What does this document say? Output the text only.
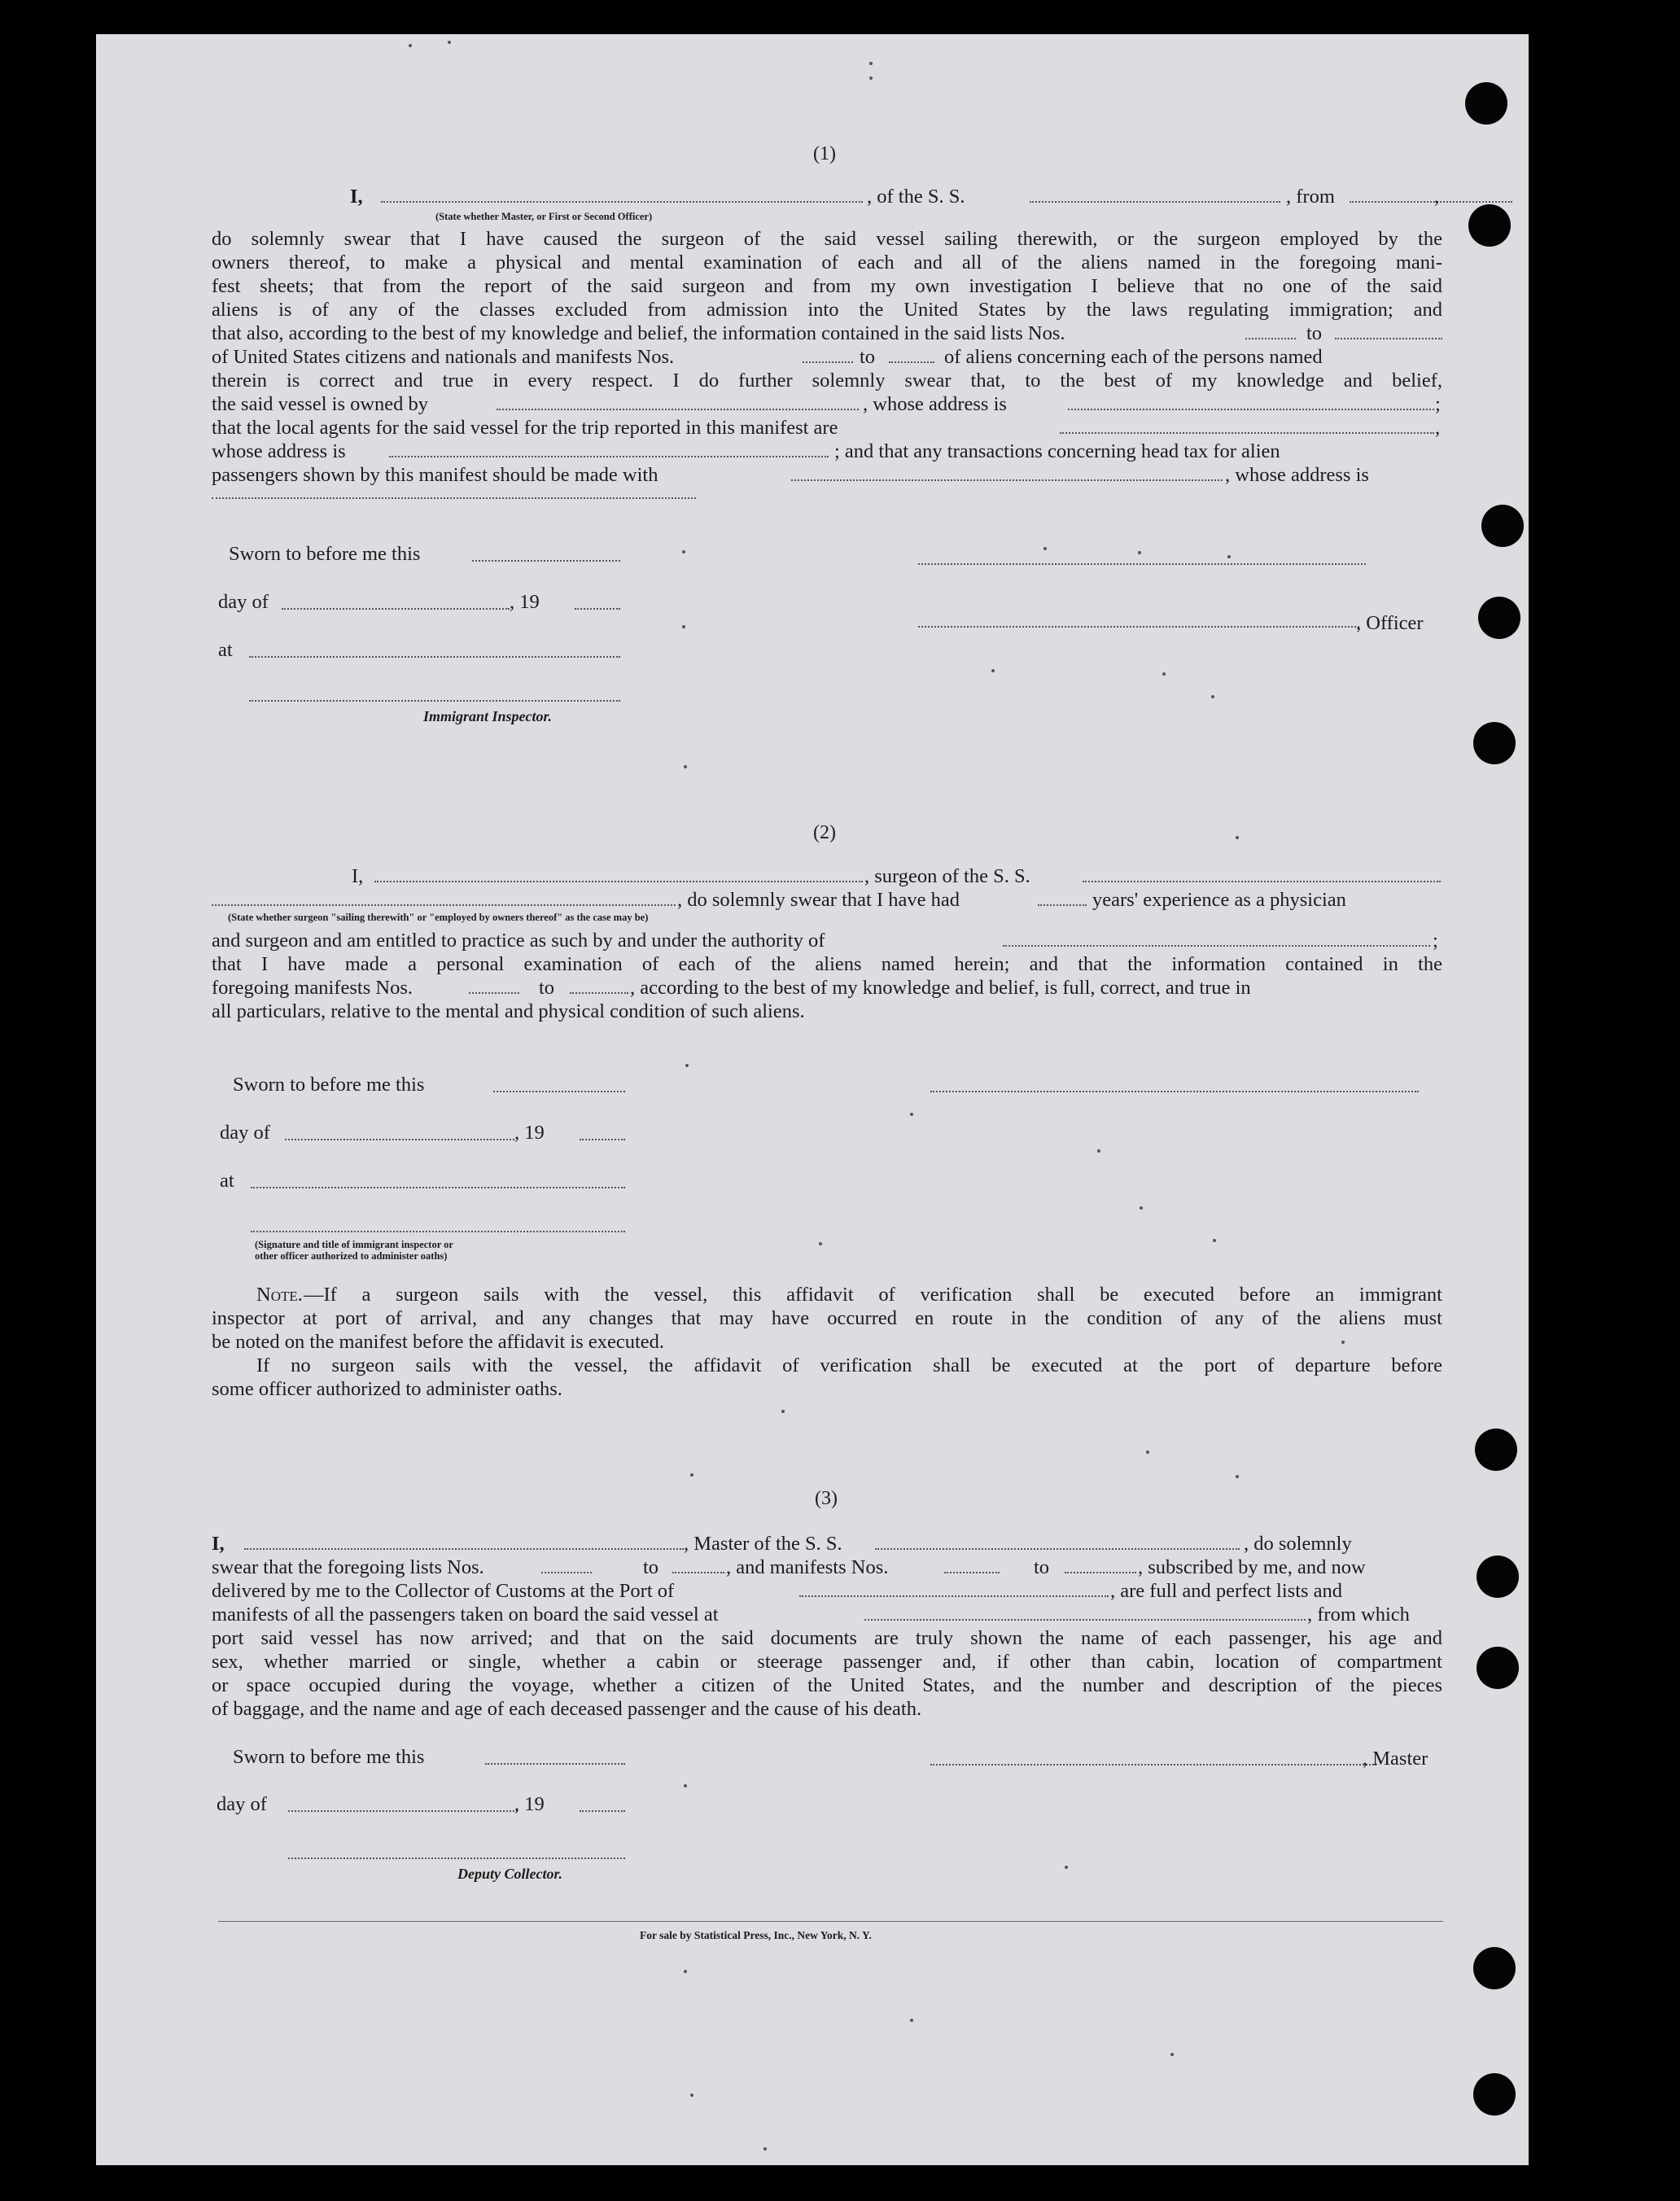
(1)
I,	, of the S. S.	, from	,
(State whether Master, or First or Second Officer)
do solemnly swear that I have caused the surgeon of the said vessel sailing therewith, or the surgeon employed by the
owners thereof, to make a physical and mental examination of each and all of the aliens named in the foregoing mani-
fest sheets; that from the report of the said surgeon and from my own investigation I believe that no one of the said
aliens is of any of the classes excluded from admission into the United States by the laws regulating immigration; and
that also, according to the best of my knowledge and belief, the information contained in the said lists Nos.	to
of United States citizens and nationals and manifests Nos.	to	of aliens concerning each of the persons named
therein is correct and true in every respect. I do further solemnly swear that, to the best of my knowledge and belief,
the said vessel is owned by	, whose address is	;
that the local agents for the said vessel for the trip reported in this manifest are	,
whose address is	; and that any transactions concerning head tax for alien
passengers shown by this manifest should be made with	, whose address is
Sworn to before me this
day of	, 19
at
Immigrant Inspector.
, Officer
(2)
I,	, surgeon of the S. S.
, do solemnly swear that I have had	years' experience as a physician
(State whether surgeon "sailing therewith" or "employed by owners thereof" as the case may be)
and surgeon and am entitled to practice as such by and under the authority of	;
that I have made a personal examination of each of the aliens named herein; and that the information contained in the
foregoing manifests Nos.	to	, according to the best of my knowledge and belief, is full, correct, and true in
all particulars, relative to the mental and physical condition of such aliens.
Sworn to before me this
day of	, 19
at
(Signature and title of immigrant inspector or
other officer authorized to administer oaths)
Note. —If a surgeon sails with the vessel, this affidavit of verification shall be executed before an immigrant
inspector at port of arrival, and any changes that may have occurred en route in the condition of any of the aliens must
be noted on the manifest before the affidavit is executed.
If no surgeon sails with the vessel, the affidavit of verification shall be executed at the port of departure before
some officer authorized to administer oaths.
(3)
I,	, Master of the S. S.	, do solemnly
swear that the foregoing lists Nos.	to	, and manifests Nos.	to	, subscribed by me, and now
delivered by me to the Collector of Customs at the Port of	, are full and perfect lists and
manifests of all the passengers taken on board the said vessel at	, from which
port said vessel has now arrived; and that on the said documents are truly shown the name of each passenger, his age and
sex, whether married or single, whether a cabin or steerage passenger and, if other than cabin, location of compartment
or space occupied during the voyage, whether a citizen of the United States, and the number and description of the pieces
of baggage, and the name and age of each deceased passenger and the cause of his death.
Sworn to before me this
day of	, 19
Deputy Collector.
, Master
For sale by Statistical Press, Inc., New York, N. Y.
